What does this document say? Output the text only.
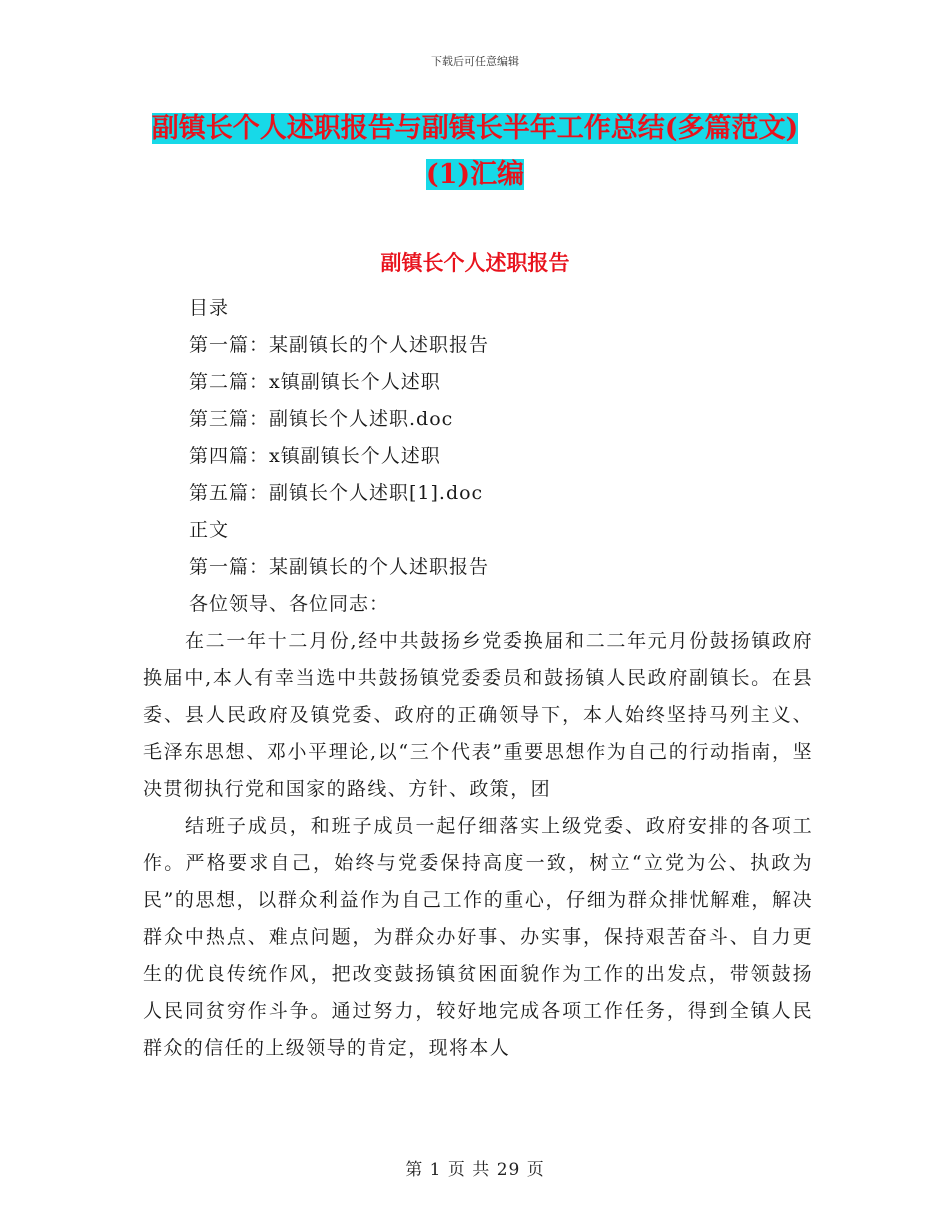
下载后可任意编辑
副镇长个人述职报告与副镇长半年工作总结(多篇范文)(1)汇编
副镇长个人述职报告
目录
第一篇：某副镇长的个人述职报告
第二篇：x镇副镇长个人述职
第三篇：副镇长个人述职.doc
第四篇：x镇副镇长个人述职
第五篇：副镇长个人述职[1].doc
正文
第一篇：某副镇长的个人述职报告
各位领导、各位同志：
在二一年十二月份,经中共鼓扬乡党委换届和二二年元月份鼓扬镇政府换届中,本人有幸当选中共鼓扬镇党委委员和鼓扬镇人民政府副镇长。在县委、县人民政府及镇党委、政府的正确领导下，本人始终坚持马列主义、毛泽东思想、邓小平理论,以“三个代表”重要思想作为自己的行动指南，坚决贯彻执行党和国家的路线、方针、政策，团
结班子成员，和班子成员一起仔细落实上级党委、政府安排的各项工作。严格要求自己，始终与党委保持高度一致，树立“立党为公、执政为民”的思想，以群众利益作为自己工作的重心，仔细为群众排忧解难，解决群众中热点、难点问题，为群众办好事、办实事，保持艰苦奋斗、自力更生的优良传统作风，把改变鼓扬镇贫困面貌作为工作的出发点，带领鼓扬人民同贫穷作斗争。通过努力，较好地完成各项工作任务，得到全镇人民群众的信任的上级领导的肯定，现将本人
第 1 页 共 29 页
